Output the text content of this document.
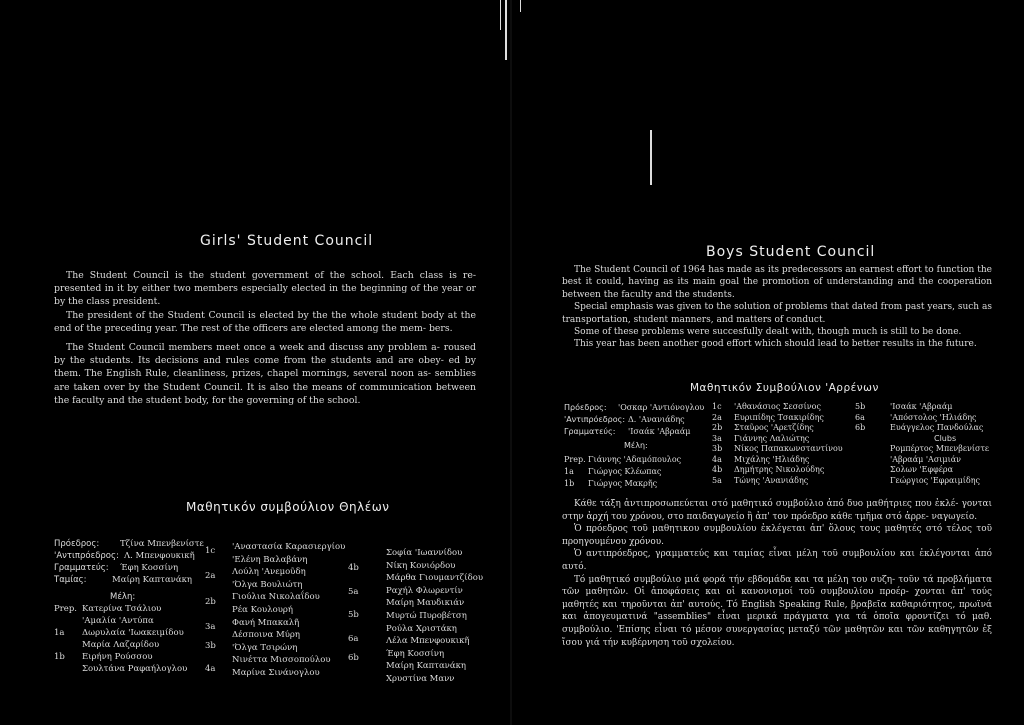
Girls' Student Council

The Student Council is the student government of the school. Each class is re- presented in it by either two members especially elected in the beginning of the year or by the class president.

The president of the Student Council is elected by the the whole student body at the end of the preceding year. The rest of the officers are elected among the mem- bers.

The Student Council members meet once a week and discuss any problem a- roused by the students. Its decisions and rules come from the students and are obey- ed by them. The English Rule, cleanliness, prizes, chapel mornings, several noon as- semblies are taken over by the Student Council. It is also the means of communication between the faculty and the student body, for the governing of the school.

Μαθητικόν συμβούλιον Θηλέων
Πρόεδρος: Τζίνα Μπενβενίστε
'Αντιπρόεδρος: Λ. Μπενφουκικῆ
Γραμματεύς: Έφη Κοσσίνη
Ταμίας:	Μαίρη Καπτανάκη
Μέλη:
Prep. Κατερίνα Τσάλιου
'Αμαλία 'Αντύπα
1a Δωρυλαία 'Ιωακειμίδου
Μαρία Λαζαρίδου
1b Ειρήνη Ρούσσου
Σουλτάνα Ραφαήλογλου
1c
2a
2b
3a
3b
4a
'Αναστασία Καρασιεργίου
'Ελένη Βαλαβάνη
Λούλη 'Ανεμοῦδη
'Όλγα Βουλιώτη
Γιούλια Νικολαΐδου
Ρέα Κουλουρή
Φανή Μπακαλῆ
Δέσποινα Μύρη
'Όλγα Τσιρώνη
Νινέττα Μισσοπούλου
Μαρίνα Σινάνογλου
4b
5a
5b
6a
6b
Σοφία 'Ιωαννίδου
Νίκη Κονιόρδου
Μάρθα Γιουμαντζίδου
Ραχήλ Φλωρεντίν
Μαίρη Μαυδικιάν
Μυρτώ Πυροβέτση
Ρούλα Χριστάκη
Λέλα Μπενφουκικῆ
Έφη Κοσσίνη
Μαίρη Καπτανάκη
Χρυστίνα Μανν
Boys Student Council

The Student Council of 1964 has made as its predecessors an earnest effort to function the best it could, having as its main goal the promotion of understanding and the cooperation between the faculty and the students.

Special emphasis was given to the solution of problems that dated from past years, such as transportation, student manners, and matters of conduct.

Some of these problems were succesfully dealt with, though much is still to be done.

This year has been another good effort which should lead to better results in the future.

Μαθητικόν Συμβούλιον 'Αρρένων
Πρόεδρος: 'Οσκαρ 'Αντιόνογλου
'Αντιπρόεδρος: Δ. 'Ανανιάδης
Γραμματεύς: 'Ισαάκ 'Αβραάμ
Μέλη:
Prep. Γιάννης 'Αδαμόπουλος
1a Γιώργος Κλέωπας
1b Γιώργος Μακρῆς
1c
2a
2b
3a
3b
4a
4b
5a
'Αθανάσιος Σεσσίνος
Ευριπίδης Τσακιρίδης
Σταῦρος 'Αρετζίδης
Γιάννης Λαλιώτης
Νίκος Παπακωνσταντίνου
Μιχάλης 'Ηλιάδης
Δημήτρης Νικολούδης
Τώνης 'Ανανιάδης
5b
6a
6b
'Ισαάκ 'Αβραάμ
'Απόστολος 'Ηλιάδης
Ευάγγελος Πανδούλας
Clubs
Ρομπέρτος Μπενβενίστε
'Αβραάμ 'Ασιμιάν
Σολων 'Εφφέρα
Γεώργιος 'Εφραιμίδης

Κάθε τάξη ἀντιπροσωπεύεται στό μαθητικό συμβούλιο ἀπό δυο μαθήτριες που ἐκλέ- γονται στην ἀρχή του χρόνου, στο παιδαγωγείο ἢ ἀπ' τον πρόεδρο κάθε τμῆμα στό ἀρρε- ναγωγείο.

Ὁ πρόεδρος τοῦ μαθητικου συμβουλίου ἐκλέγεται ἀπ' ὅλους τους μαθητές στό τέλος τοῦ προηγουμένου χρόνου.

Ὁ αντιπρόεδρος, γραμματεύς και ταμίας εἶναι μέλη τοῦ συμβουλίου και ἐκλέγονται ἀπό αυτό.

Τό μαθητικό συμβούλιο μιά φορά τήν εβδομάδα και τα μέλη του συζη- τοῦν τά προβλήματα τῶν μαθητῶν. Οἱ ἀποφάσεις και οἱ κανονισμοί τοῦ συμβουλίου προέρ- χονται ἀπ' τούς μαθητές και τηροῦνται ἀπ' αυτούς. Τό English Speaking Rule, βραβεῖα καθαριότητος, πρωϊνά και ἀπογευματινά "assemblies" εἶναι μερικά πράγματα για τά ὁποῖα φροντίζει τό μαθ. συμβούλιο. 'Επίσης εἶναι τό μέσον συνεργασίας μεταξύ τῶν μαθητῶν και τῶν καθηγητῶν ἐξ ἴσου γιά τήν κυβέρνηση τοῦ σχολείου.
